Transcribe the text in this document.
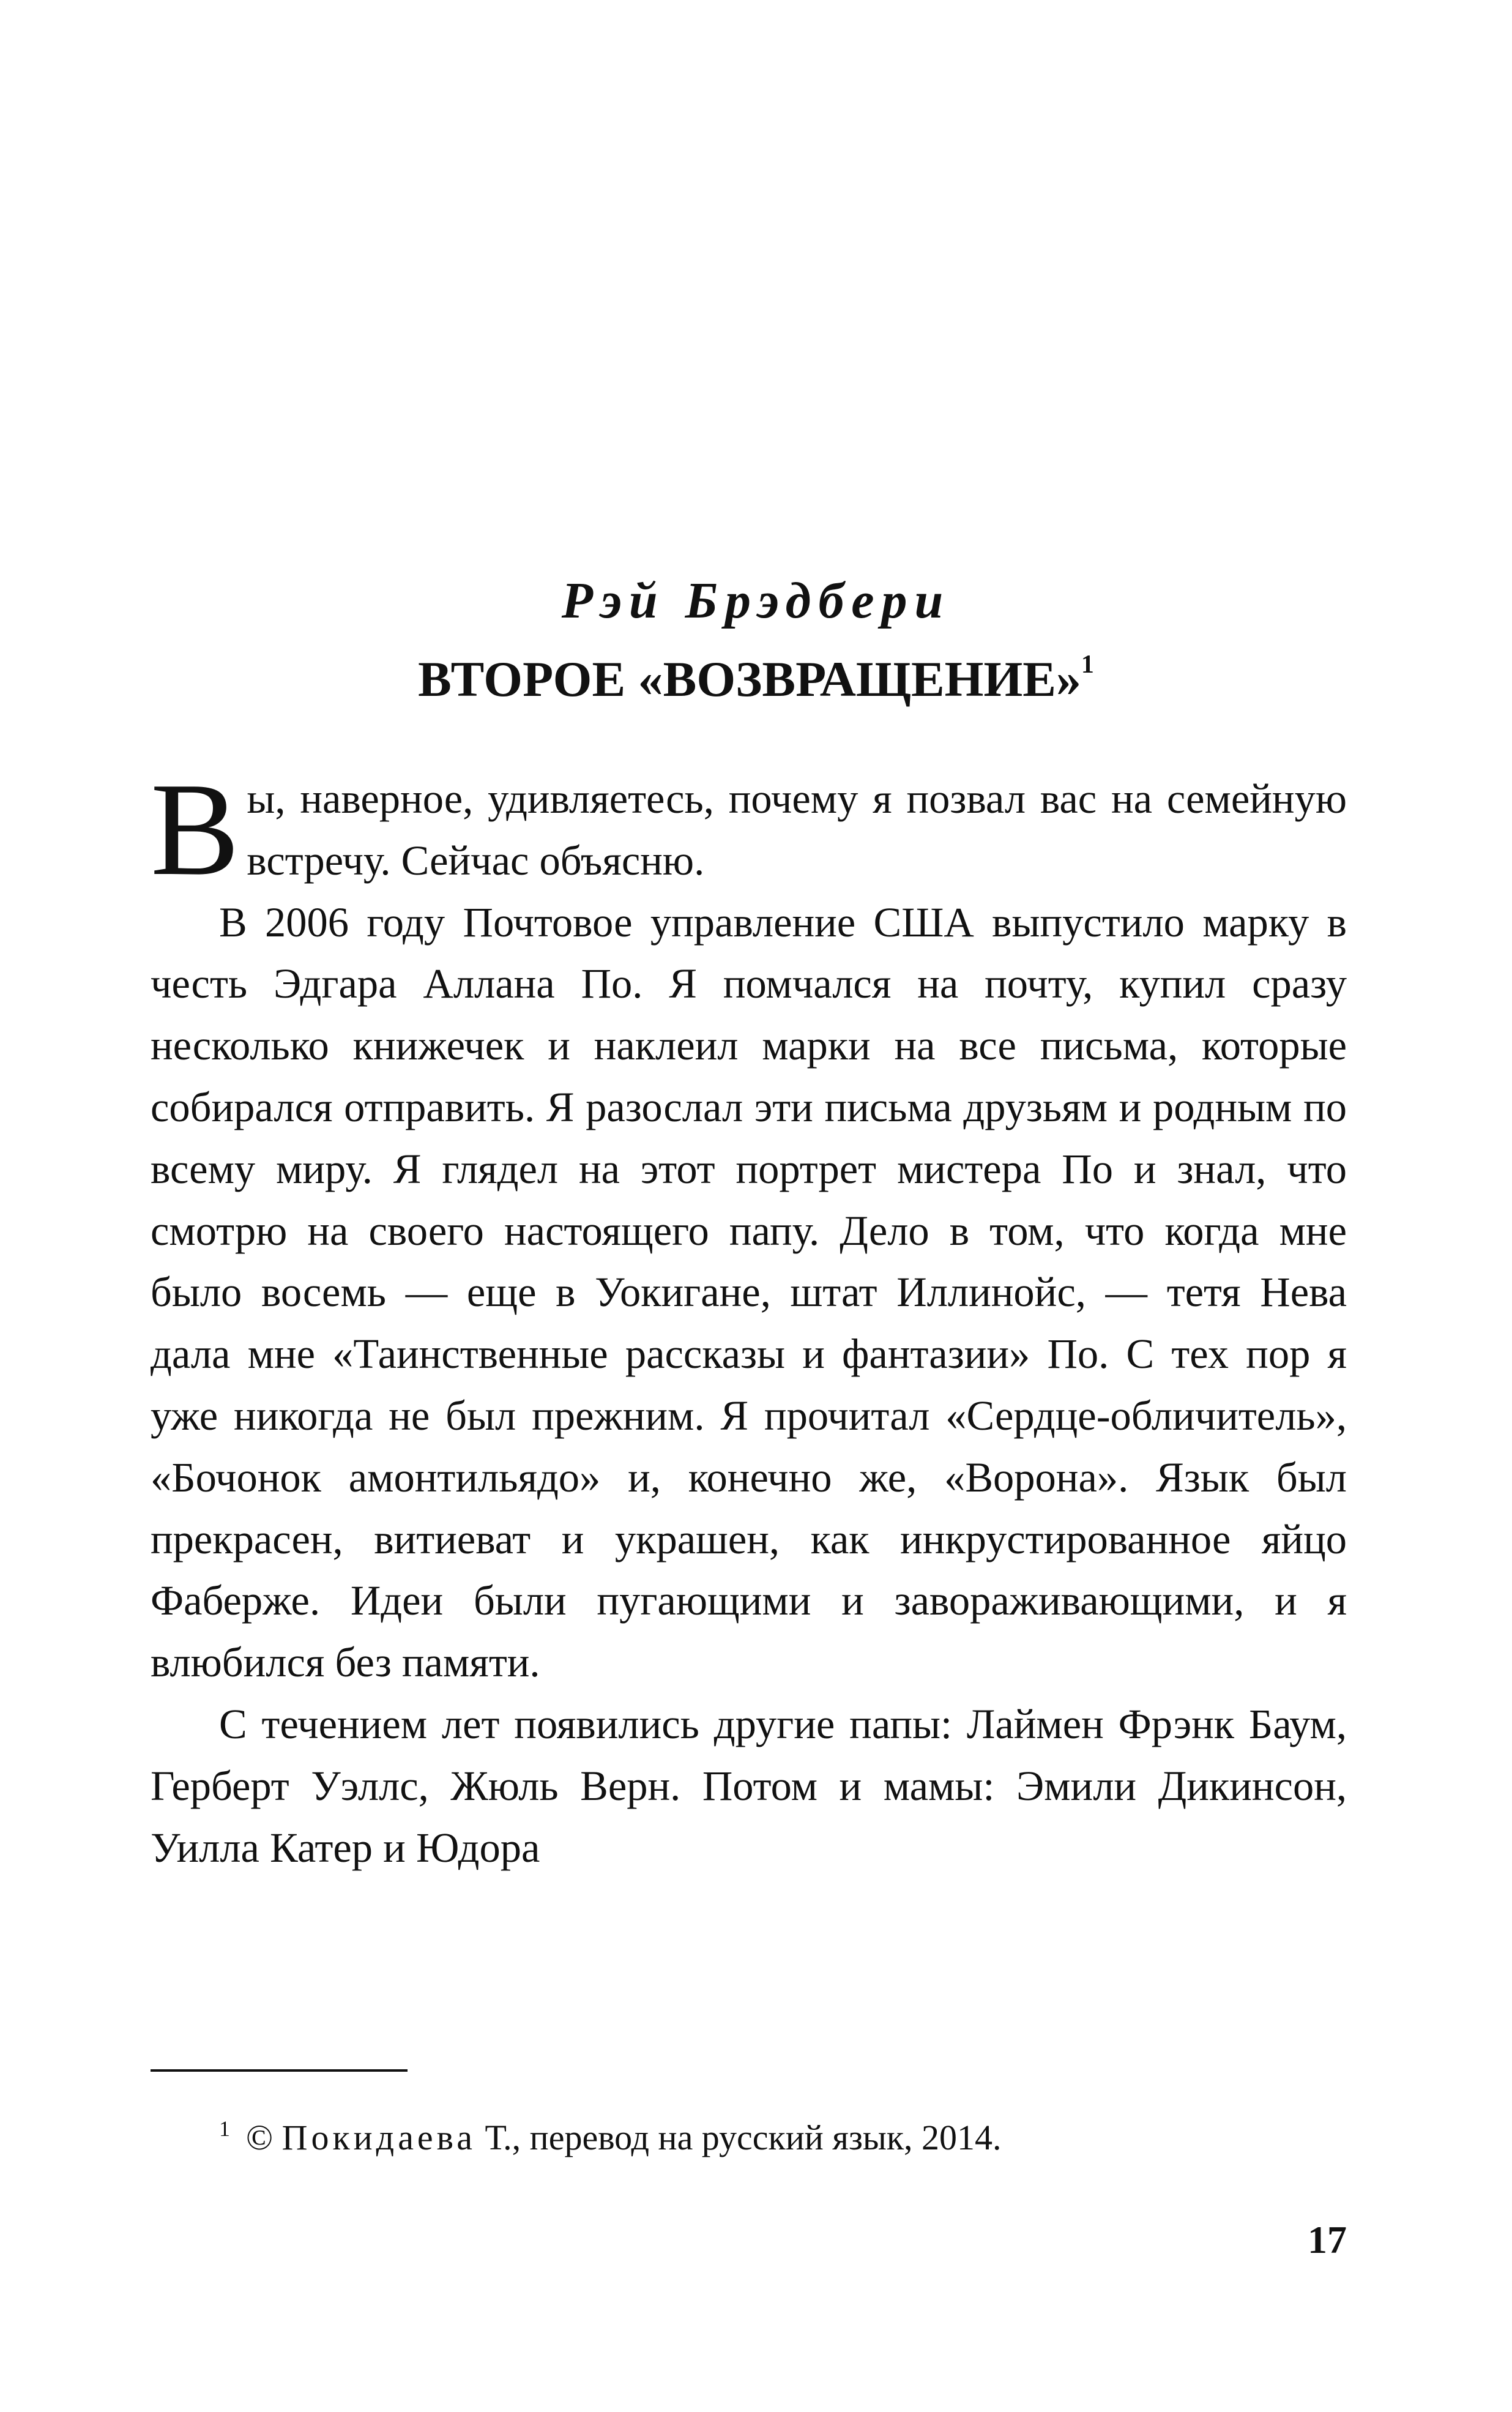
Рэй Брэдбери
ВТОРОЕ «ВОЗВРАЩЕНИЕ»$^1$

Вы, наверное, удивляетесь, почему я позвал вас на семейную встречу. Сейчас объясню.

В 2006 году Почтовое управление США выпустило марку в честь Эдгара Аллана По. Я помчался на почту, купил сразу несколько книжечек и наклеил марки на все письма, которые собирался отправить. Я разослал эти письма друзьям и родным по всему миру. Я глядел на этот портрет мистера По и знал, что смотрю на своего настоящего папу. Дело в том, что когда мне было восемь — еще в Уокигане, штат Иллинойс, — тетя Нева дала мне «Таинственные рассказы и фантазии» По. С тех пор я уже никогда не был прежним. Я прочитал «Сердце-обличитель», «Бочонок амонтильядо» и, конечно же, «Ворона». Язык был прекрасен, витиеват и украшен, как инкрустированное яйцо Фаберже. Идеи были пугающими и завораживающими, и я влюбился без памяти.

С течением лет появились другие папы: Лаймен Фрэнк Баум, Герберт Уэллс, Жюль Верн. Потом и мамы: Эмили Дикинсон, Уилла Катер и Юдора

$^1$ © Покидаева Т., перевод на русский язык, 2014.
17
